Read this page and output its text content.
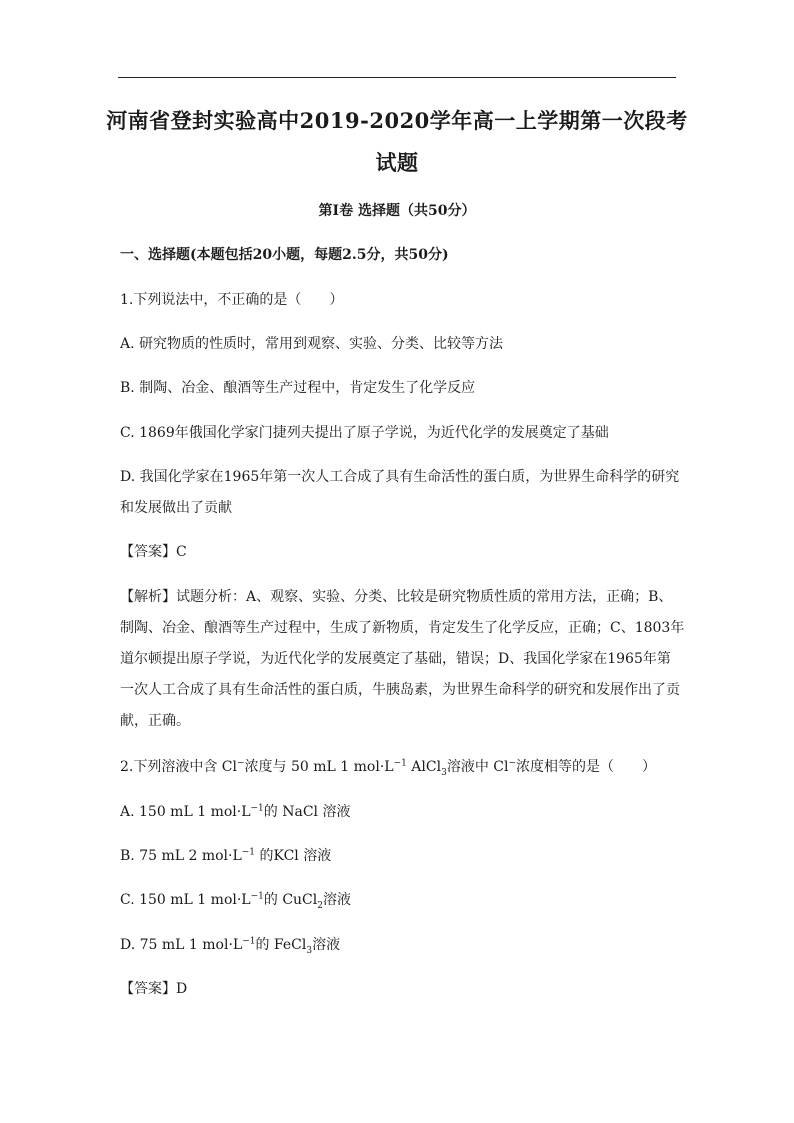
河南省登封实验高中2019-2020学年高一上学期第一次段考
试题
第Ⅰ卷 选择题（共50分）
一、选择题(本题包括20小题，每题2.5分，共50分)
1.下列说法中，不正确的是（　　）
A. 研究物质的性质时，常用到观察、实验、分类、比较等方法
B. 制陶、冶金、酿酒等生产过程中，肯定发生了化学反应
C. 1869年俄国化学家门捷列夫提出了原子学说，为近代化学的发展奠定了基础
D. 我国化学家在1965年第一次人工合成了具有生命活性的蛋白质，为世界生命科学的研究
和发展做出了贡献
【答案】C
【解析】试题分析：A、观察、实验、分类、比较是研究物质性质的常用方法，正确；B、
制陶、冶金、酿酒等生产过程中，生成了新物质，肯定发生了化学反应，正确；C、1803年
道尔顿提出原子学说，为近代化学的发展奠定了基础，错误；D、我国化学家在1965年第
一次人工合成了具有生命活性的蛋白质，牛胰岛素，为世界生命科学的研究和发展作出了贡
献，正确。
2.下列溶液中含 Cl−浓度与 50 mL 1 $mol\cdot L^{-1}$ AlCl$_3$溶液中 Cl−浓度相等的是（　　）
A. 150 mL 1 $mol\cdot L^{-1}$的 NaCl 溶液
B. 75 mL 2 $mol\cdot L^{-1}$ 的KCl 溶液
C. 150 mL 1 $mol\cdot L^{-1}$的 CuCl$_2$溶液
D. 75 mL 1 $mol\cdot L^{-1}$的 FeCl$_3$溶液
【答案】D
